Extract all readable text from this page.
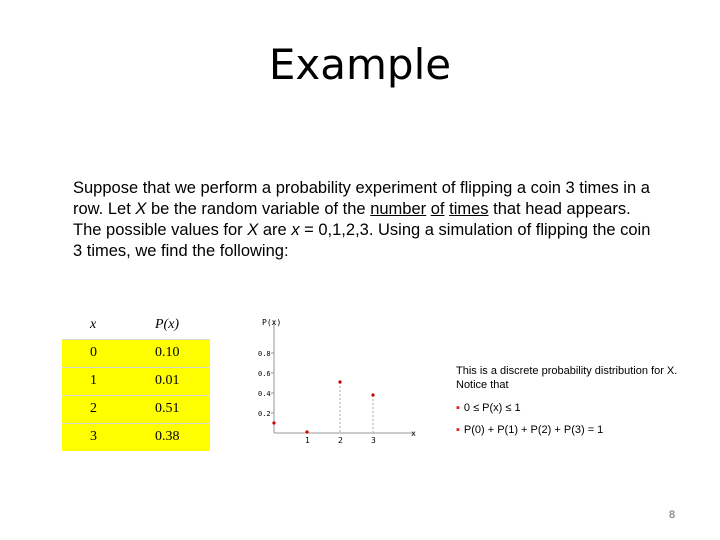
Example
Suppose that we perform a probability experiment of flipping a coin 3 times in a row. Let X be the random variable of the number of times that head appears. The possible values for X are x = 0,1,2,3. Using a simulation of flipping the coin 3 times, we find the following:
x	P(x)
0	0.10
1	0.01
2	0.51
3	0.38
P(x)
x
0.8
0.6
0.4
0.2
1	2	3
This is a discrete probability distribution for X. Notice that
▪ 0 ≤ P(x) ≤ 1
▪ P(0) + P(1) + P(2) + P(3) = 1
8
